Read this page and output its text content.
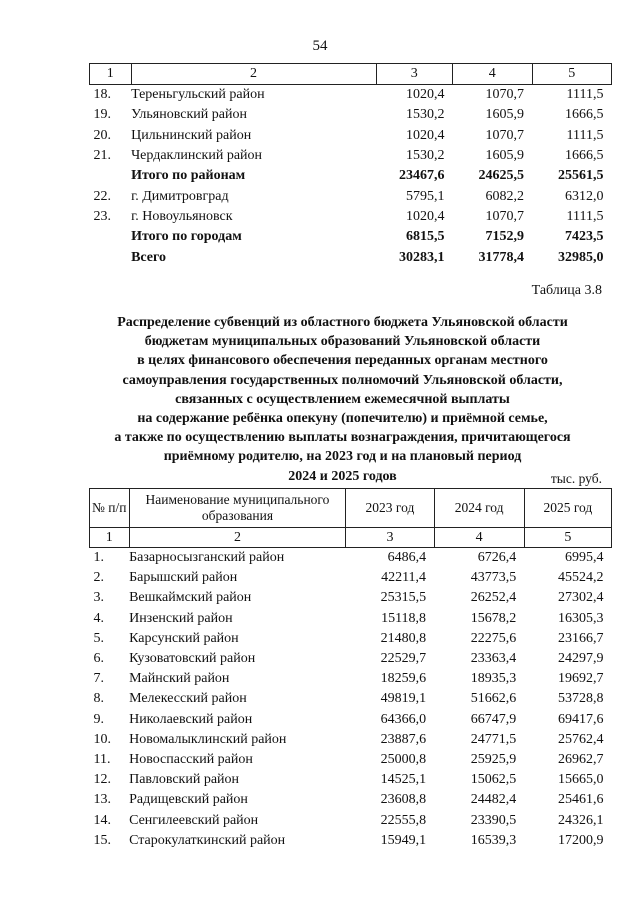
54
1	2	3	4	5
18.	Тереньгульский район	1020,4	1070,7	1111,5
19.	Ульяновский район	1530,2	1605,9	1666,5
20.	Цильнинский район	1020,4	1070,7	1111,5
21.	Чердаклинский район	1530,2	1605,9	1666,5
	Итого по районам	23467,6	24625,5	25561,5
22.	г. Димитровград	5795,1	6082,2	6312,0
23.	г. Новоульяновск	1020,4	1070,7	1111,5
	Итого по городам	6815,5	7152,9	7423,5
	Всего	30283,1	31778,4	32985,0
Таблица 3.8
Распределение субвенций из областного бюджета Ульяновской области
бюджетам муниципальных образований Ульяновской области
в целях финансового обеспечения переданных органам местного
самоуправления государственных полномочий Ульяновской области,
связанных с осуществлением ежемесячной выплаты
на содержание ребёнка опекуну (попечителю) и приёмной семье,
а также по осуществлению выплаты вознаграждения, причитающегося
приёмному родителю, на 2023 год и на плановый период
2024 и 2025 годов	тыс. руб.
№ п/п	Наименование муниципального образования	2023 год	2024 год	2025 год
1	2	3	4	5
1.	Базарносызганский район	6486,4	6726,4	6995,4
2.	Барышский район	42211,4	43773,5	45524,2
3.	Вешкаймский район	25315,5	26252,4	27302,4
4.	Инзенский район	15118,8	15678,2	16305,3
5.	Карсунский район	21480,8	22275,6	23166,7
6.	Кузоватовский район	22529,7	23363,4	24297,9
7.	Майнский район	18259,6	18935,3	19692,7
8.	Мелекесский район	49819,1	51662,6	53728,8
9.	Николаевский район	64366,0	66747,9	69417,6
10.	Новомалыклинский район	23887,6	24771,5	25762,4
11.	Новоспасский район	25000,8	25925,9	26962,7
12.	Павловский район	14525,1	15062,5	15665,0
13.	Радищевский район	23608,8	24482,4	25461,6
14.	Сенгилеевский район	22555,8	23390,5	24326,1
15.	Старокулаткинский район	15949,1	16539,3	17200,9
